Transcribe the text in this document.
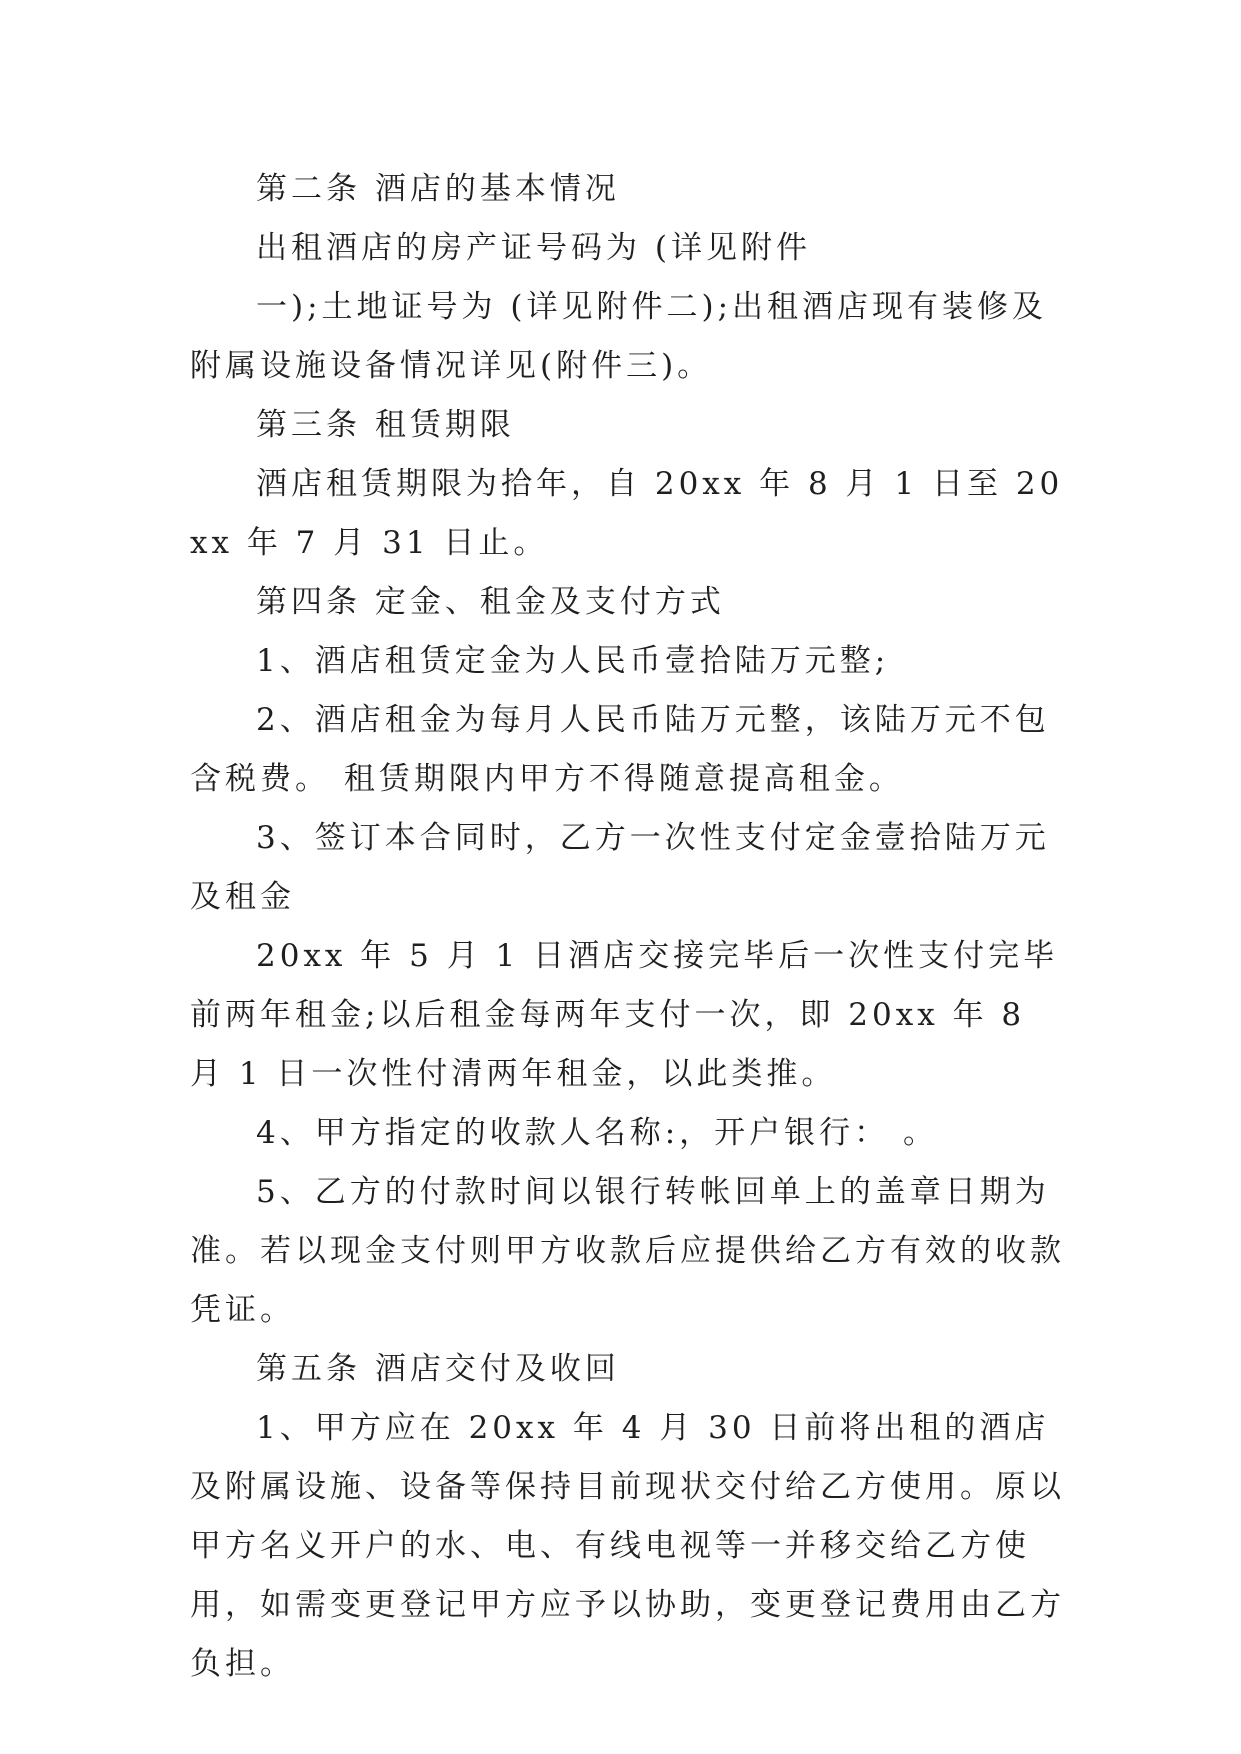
第二条 酒店的基本情况

出租酒店的房产证号码为 (详见附件

一);土地证号为 (详见附件二);出租酒店现有装修及附属设施设备情况详见(附件三)。

第三条 租赁期限

酒店租赁期限为拾年，自 20xx 年 8 月 1 日至 20xx 年 7 月 31 日止。

第四条 定金、租金及支付方式

1、酒店租赁定金为人民币壹拾陆万元整;

2、酒店租金为每月人民币陆万元整，该陆万元不包含税费。 租赁期限内甲方不得随意提高租金。

3、签订本合同时，乙方一次性支付定金壹拾陆万元及租金

20xx 年 5 月 1 日酒店交接完毕后一次性支付完毕前两年租金;以后租金每两年支付一次，即 20xx 年 8 月 1 日一次性付清两年租金，以此类推。

4、甲方指定的收款人名称:，开户银行： 。

5、乙方的付款时间以银行转帐回单上的盖章日期为准。若以现金支付则甲方收款后应提供给乙方有效的收款凭证。

第五条 酒店交付及收回

1、甲方应在 20xx 年 4 月 30 日前将出租的酒店及附属设施、设备等保持目前现状交付给乙方使用。原以甲方名义开户的水、电、有线电视等一并移交给乙方使用，如需变更登记甲方应予以协助，变更登记费用由乙方负担。
